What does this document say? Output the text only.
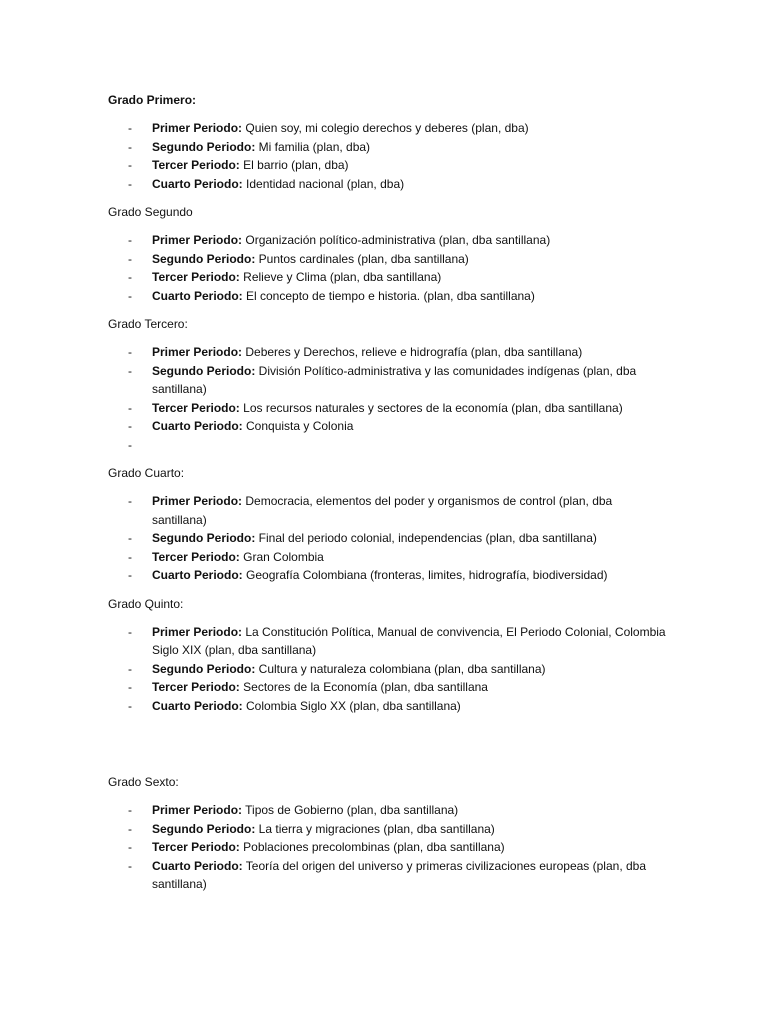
Grado Primero:
- Primer Periodo: Quien soy, mi colegio derechos y deberes (plan, dba)
- Segundo Periodo: Mi familia (plan, dba)
- Tercer Periodo: El barrio (plan, dba)
- Cuarto Periodo: Identidad nacional (plan, dba)
Grado Segundo
- Primer Periodo: Organización político-administrativa (plan, dba santillana)
- Segundo Periodo: Puntos cardinales (plan, dba santillana)
- Tercer Periodo: Relieve y Clima (plan, dba santillana)
- Cuarto Periodo: El concepto de tiempo e historia. (plan, dba santillana)
Grado Tercero:
- Primer Periodo: Deberes y Derechos, relieve e hidrografía (plan, dba santillana)
- Segundo Periodo: División Político-administrativa y las comunidades indígenas (plan, dba santillana)
- Tercer Periodo: Los recursos naturales y sectores de la economía (plan, dba santillana)
- Cuarto Periodo: Conquista y Colonia
-

Grado Cuarto:
- Primer Periodo: Democracia, elementos del poder y organismos de control (plan, dba santillana)
- Segundo Periodo: Final del periodo colonial, independencias (plan, dba santillana)
- Tercer Periodo: Gran Colombia
- Cuarto Periodo: Geografía Colombiana (fronteras, limites, hidrografía, biodiversidad)
Grado Quinto:
- Primer Periodo: La Constitución Política, Manual de convivencia, El Periodo Colonial, Colombia Siglo XIX (plan, dba santillana)
- Segundo Periodo: Cultura y naturaleza colombiana (plan, dba santillana)
- Tercer Periodo: Sectores de la Economía (plan, dba santillana
- Cuarto Periodo: Colombia Siglo XX (plan, dba santillana)
Grado Sexto:
- Primer Periodo: Tipos de Gobierno (plan, dba santillana)
- Segundo Periodo: La tierra y migraciones (plan, dba santillana)
- Tercer Periodo: Poblaciones precolombinas (plan, dba santillana)
- Cuarto Periodo: Teoría del origen del universo y primeras civilizaciones europeas (plan, dba santillana)
